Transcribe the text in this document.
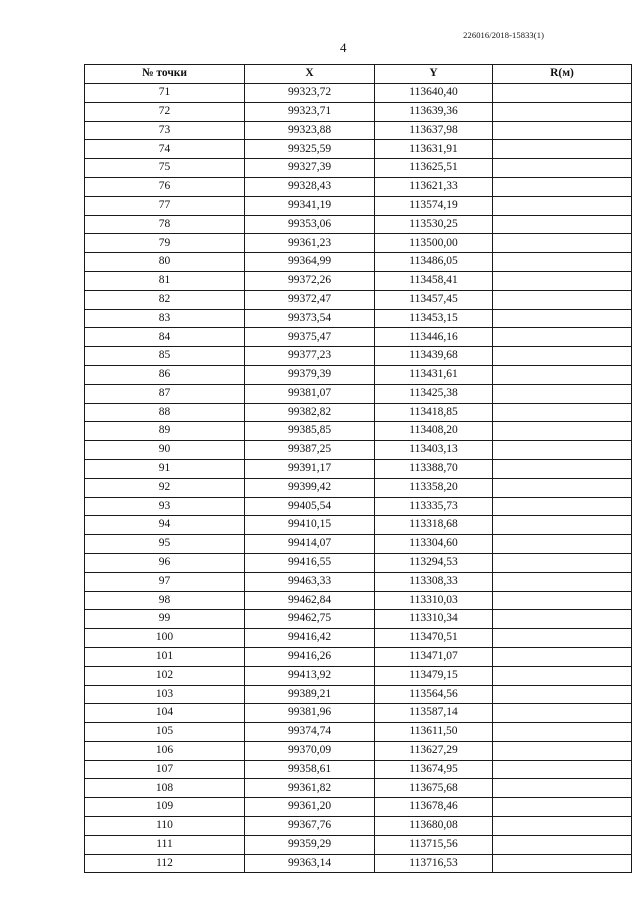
226016/2018-15833(1)
4
№ точки	X	Y	R(м)
71	99323,72	113640,40	
72	99323,71	113639,36	
73	99323,88	113637,98	
74	99325,59	113631,91	
75	99327,39	113625,51	
76	99328,43	113621,33	
77	99341,19	113574,19	
78	99353,06	113530,25	
79	99361,23	113500,00	
80	99364,99	113486,05	
81	99372,26	113458,41	
82	99372,47	113457,45	
83	99373,54	113453,15	
84	99375,47	113446,16	
85	99377,23	113439,68	
86	99379,39	113431,61	
87	99381,07	113425,38	
88	99382,82	113418,85	
89	99385,85	113408,20	
90	99387,25	113403,13	
91	99391,17	113388,70	
92	99399,42	113358,20	
93	99405,54	113335,73	
94	99410,15	113318,68	
95	99414,07	113304,60	
96	99416,55	113294,53	
97	99463,33	113308,33	
98	99462,84	113310,03	
99	99462,75	113310,34	
100	99416,42	113470,51	
101	99416,26	113471,07	
102	99413,92	113479,15	
103	99389,21	113564,56	
104	99381,96	113587,14	
105	99374,74	113611,50	
106	99370,09	113627,29	
107	99358,61	113674,95	
108	99361,82	113675,68	
109	99361,20	113678,46	
110	99367,76	113680,08	
111	99359,29	113715,56	
112	99363,14	113716,53	
